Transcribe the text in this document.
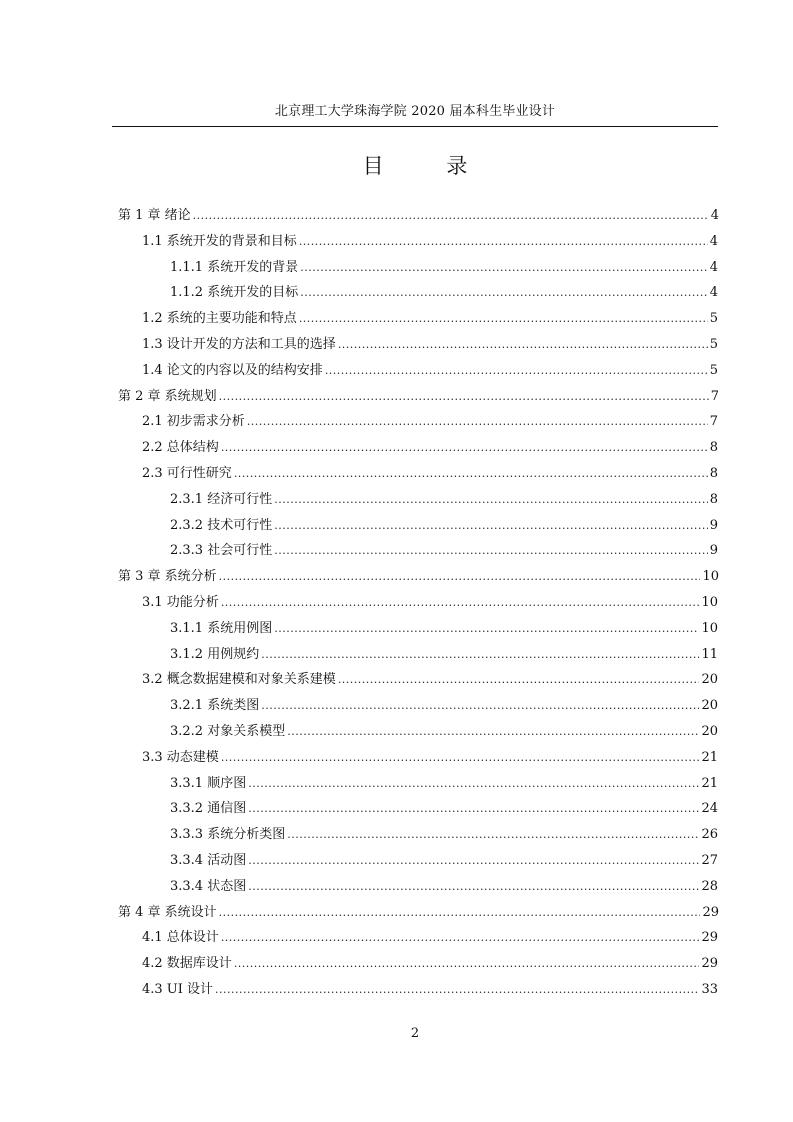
北京理工大学珠海学院 2020 届本科生毕业设计
目 录
第 1 章 绪论 .....	4
1.1 系统开发的背景和目标 .....	4
1.1.1 系统开发的背景 .....	4
1.1.2 系统开发的目标 .....	4
1.2 系统的主要功能和特点 .....	5
1.3 设计开发的方法和工具的选择 .....	5
1.4 论文的内容以及的结构安排 .....	5
第 2 章 系统规划 .....	7
2.1 初步需求分析 .....	7
2.2 总体结构 .....	8
2.3 可行性研究 .....	8
2.3.1 经济可行性 .....	8
2.3.2 技术可行性 .....	9
2.3.3 社会可行性 .....	9
第 3 章 系统分析 .....	10
3.1 功能分析 .....	10
3.1.1 系统用例图 .....	10
3.1.2 用例规约 .....	11
3.2 概念数据建模和对象关系建模 .....	20
3.2.1 系统类图 .....	20
3.2.2 对象关系模型 .....	20
3.3 动态建模 .....	21
3.3.1 顺序图 .....	21
3.3.2 通信图 .....	24
3.3.3 系统分析类图 .....	26
3.3.4 活动图 .....	27
3.3.4 状态图 .....	28
第 4 章 系统设计 .....	29
4.1 总体设计 .....	29
4.2 数据库设计 .....	29
4.3 UI 设计 .....	33
2
